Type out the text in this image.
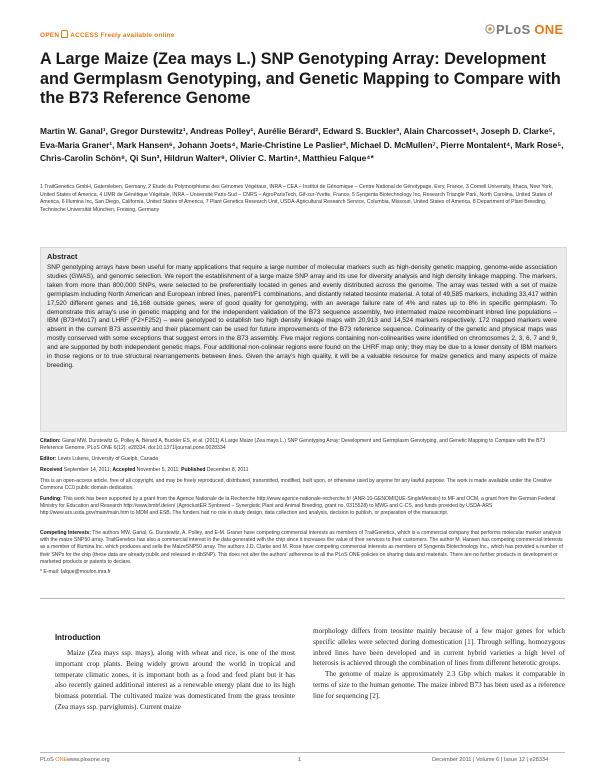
OPEN ACCESS Freely available online	PLoS ONE
A Large Maize (Zea mays L.) SNP Genotyping Array: Development and Germplasm Genotyping, and Genetic Mapping to Compare with the B73 Reference Genome
Martin W. Ganal¹, Gregor Durstewitz¹, Andreas Polley¹, Aurélie Bérard², Edward S. Buckler³, Alain Charcosset⁴, Joseph D. Clarke⁵, Eva-Maria Graner¹, Mark Hansen⁶, Johann Joets⁴, Marie-Christine Le Paslier², Michael D. McMullen⁷, Pierre Montalent⁴, Mark Rose⁵, Chris-Carolin Schön⁸, Qi Sun³, Hildrun Walter⁸, Olivier C. Martin⁴, Matthieu Falque⁴*
1 TraitGenetics GmbH, Gatersleben, Germany, 2 Etude du Polymorphisme des Génomes Végétaux, INRA – CEA – Institut de Génomique – Centre National de Génotypage, Evry, France, 3 Cornell University, Ithaca, New York, United States of America, 4 UMR de Génétique Végétale, INRA – Université Paris-Sud – CNRS – AgroParisTech, Gif-sur-Yvette, France, 5 Syngenta Biotechnology Inc, Research Triangle Park, North Carolina, United States of America, 6 Illumina Inc, San Diego, California, United States of America, 7 Plant Genetics Research Unit, USDA-Agricultural Research Service, Columbia, Missouri, United States of America, 8 Department of Plant Breeding, Technische Universität München, Freising, Germany
Abstract
SNP genotyping arrays have been useful for many applications that require a large number of molecular markers such as high-density genetic mapping, genome-wide association studies (GWAS), and genomic selection. We report the establishment of a large maize SNP array and its use for diversity analysis and high density linkage mapping. The markers, taken from more than 800,000 SNPs, were selected to be preferentially located in genes and evenly distributed across the genome. The array was tested with a set of maize germplasm including North American and European inbred lines, parent/F1 combinations, and distantly related teosinte material. A total of 49,585 markers, including 33,417 within 17,520 different genes and 16,168 outside genes, were of good quality for genotyping, with an average failure rate of 4% and rates up to 8% in specific germplasm. To demonstrate this array's use in genetic mapping and for the independent validation of the B73 sequence assembly, two intermated maize recombinant inbred line populations – IBM (B73×Mo17) and LHRF (F2×F252) – were genotyped to establish two high density linkage maps with 20,913 and 14,524 markers respectively. 172 mapped markers were absent in the current B73 assembly and their placement can be used for future improvements of the B73 reference sequence. Colinearity of the genetic and physical maps was mostly conserved with some exceptions that suggest errors in the B73 assembly. Five major regions containing non-colinearities were identified on chromosomes 2, 3, 6, 7 and 9, and are supported by both independent genetic maps. Four additional non-colinear regions were found on the LHRF map only; they may be due to a lower density of IBM markers in those regions or to true structural rearrangements between lines. Given the array's high quality, it will be a valuable resource for maize genetics and many aspects of maize breeding.
Citation: Ganal MW, Durstewitz G, Polley A, Bérard A, Buckler ES, et al. (2011) A Large Maize (Zea mays L.) SNP Genotyping Array: Development and Germplasm Genotyping, and Genetic Mapping to Compare with the B73 Reference Genome. PLoS ONE 6(12): e28334. doi:10.1371/journal.pone.0028334
Editor: Lewis Lukens, University of Guelph, Canada
Received September 14, 2011; Accepted November 5, 2011; Published December 8, 2011
This is an open-access article, free of all copyright, and may be freely reproduced, distributed, transmitted, modified, built upon, or otherwise used by anyone for any lawful purpose. The work is made available under the Creative Commons CC0 public domain dedication.
Funding: This work has been supported by a grant from the Agence Nationale de la Recherche http://www.agence-nationale-recherche.fr/ (ANR-10-GENOMIQUE-SingleMeiosis) to MF and OCM, a grant from the German Federal Ministry for Education and Research http://www.bmbf.de/en/ (AgroclustER Synbreed – Synergistic Plant and Animal Breeding, grant no. 0315528) to MWG and C-CS, and funds provided by USDA-ARS http://www.ars.usda.gov/main/main.htm to MDM and ESB. The funders had no role in study design, data collection and analysis, decision to publish, or preparation of the manuscript.
Competing Interests: The authors MW. Ganal, G. Durstewitz, A. Polley, and E-M. Graner have competing commercial interests as members of TraitGenetics, which is a commercial company that performs molecular marker analysis with the maize SNP50 array. TraitGenetics has also a commercial interest in the data generated with the chip since it increases the value of their services to their customers. The author M. Hansen has competing commercial interests as a member of Illumina Inc. which produces and sells the MaizeSNP50 array. The authors J.D. Clarke and M. Rose have competing commercial interests as members of Syngenta Biotechnology Inc., which has provided a number of their SNPs for the chip (these data are already public and released in dbSNP). This does not alter the authors' adherence to all the PLoS ONE policies on sharing data and materials. There are no further products in development or marketed products or patents to declare.
* E-mail: falque@moulon.inra.fr
Introduction

Maize (Zea mays ssp. mays), along with wheat and rice, is one of the most important crop plants. Being widely grown around the world in tropical and temperate climatic zones, it is important both as a food and feed plant but it has also recently gained additional interest as a renewable energy plant due to its high biomass potential. The cultivated maize was domesticated from the grass teosinte (Zea mays ssp. parviglumis). Current maize

morphology differs from teosinte mainly because of a few major genes for which specific alleles were selected during domestication [1]. Through selfing, homozygous inbred lines have been developed and in current hybrid varieties a high level of heterosis is achieved through the combination of lines from different heterotic groups.

The genome of maize is approximately 2.3 Gbp which makes it comparable in terms of size to the human genome. The maize inbred B73 has been used as a reference line for sequencing [2].

PLoS ONE www.plosone.org	1	December 2011 | Volume 6 | Issue 12 | e28334
